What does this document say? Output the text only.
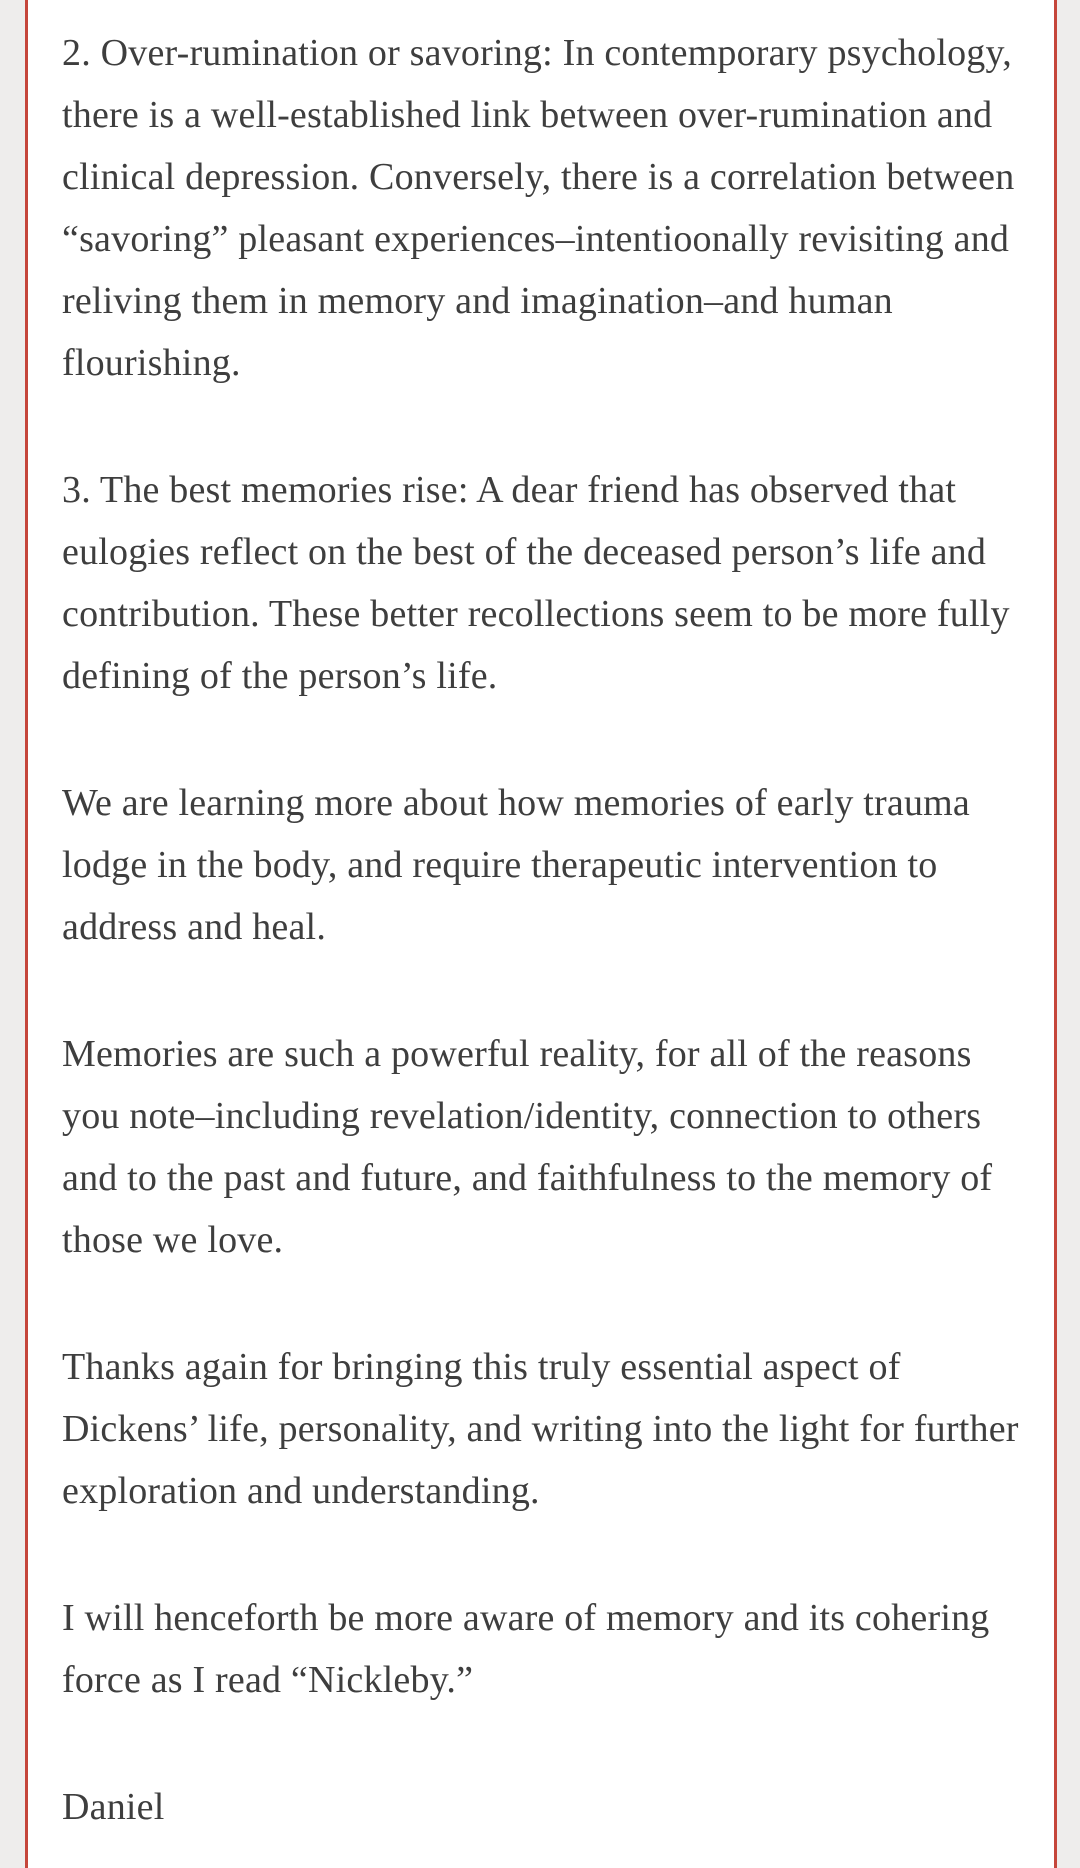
2. Over-rumination or savoring: In contemporary psychology, there is a well-established link between over-rumination and clinical depression. Conversely, there is a correlation between “savoring” pleasant experiences–intentioonally revisiting and reliving them in memory and imagination–and human flourishing.

3. The best memories rise: A dear friend has observed that eulogies reflect on the best of the deceased person’s life and contribution. These better recollections seem to be more fully defining of the person’s life.

We are learning more about how memories of early trauma lodge in the body, and require therapeutic intervention to address and heal.

Memories are such a powerful reality, for all of the reasons you note–including revelation/identity, connection to others and to the past and future, and faithfulness to the memory of those we love.

Thanks again for bringing this truly essential aspect of Dickens’ life, personality, and writing into the light for further exploration and understanding.

I will henceforth be more aware of memory and its cohering force as I read “Nickleby.”

Daniel
